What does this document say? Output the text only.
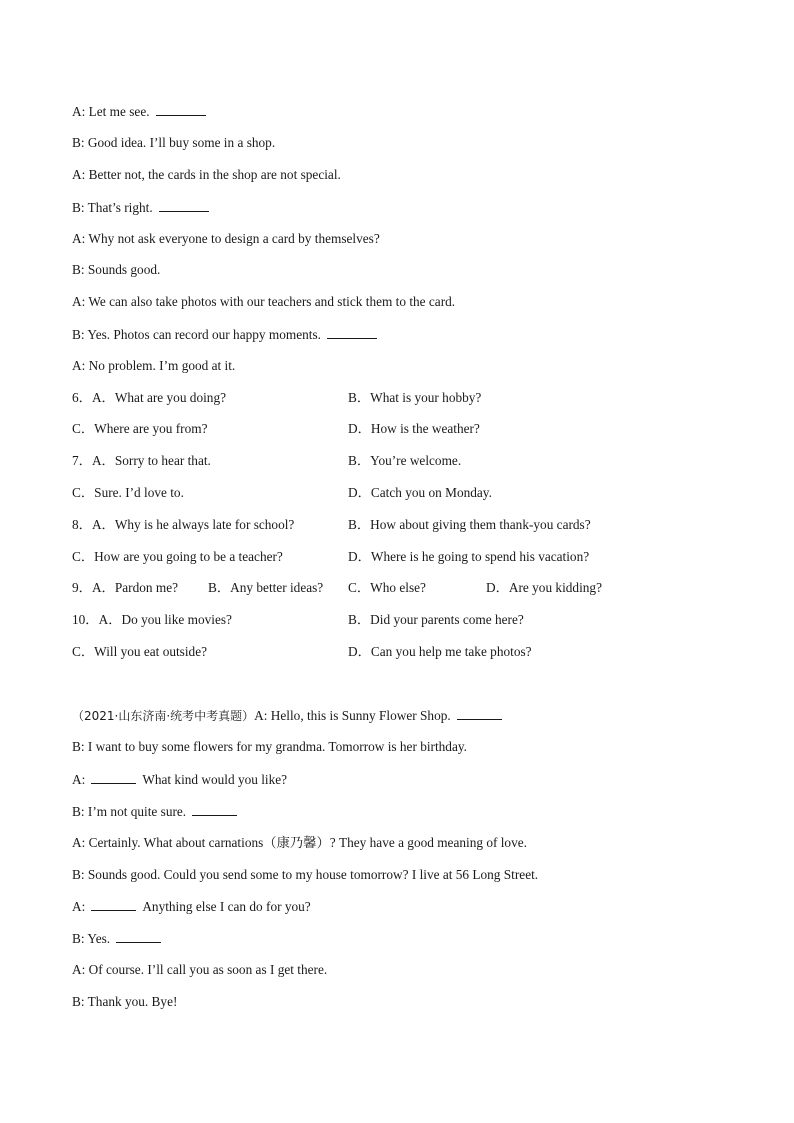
A: Let me see.
B: Good idea. I’ll buy some in a shop.
A: Better not, the cards in the shop are not special.
B: That’s right.
A: Why not ask everyone to design a card by themselves?
B: Sounds good.
A: We can also take photos with our teachers and stick them to the card.
B: Yes. Photos can record our happy moments.
A: No problem. I’m good at it.
6．A．What are you doing?	B．What is your hobby?
C．Where are you from?	D．How is the weather?
7．A．Sorry to hear that.	B．You’re welcome.
C．Sure. I’d love to.	D．Catch you on Monday.
8．A．Why is he always late for school?	B．How about giving them thank-you cards?
C．How are you going to be a teacher?	D．Where is he going to spend his vacation?
9．A．Pardon me? B．Any better ideas? C．Who else?	D．Are you kidding?
10．A．Do you like movies?	B．Did your parents come here?
C．Will you eat outside?	D．Can you help me take photos?
（2021·山东济南·统考中考真题）A: Hello, this is Sunny Flower Shop.
B: I want to buy some flowers for my grandma. Tomorrow is her birthday.
A:	What kind would you like?
B: I’m not quite sure.
A: Certainly. What about carnations（康乃馨）? They have a good meaning of love.
B: Sounds good. Could you send some to my house tomorrow? I live at 56 Long Street.
A:	Anything else I can do for you?
B: Yes.
A: Of course. I’ll call you as soon as I get there.
B: Thank you. Bye!
